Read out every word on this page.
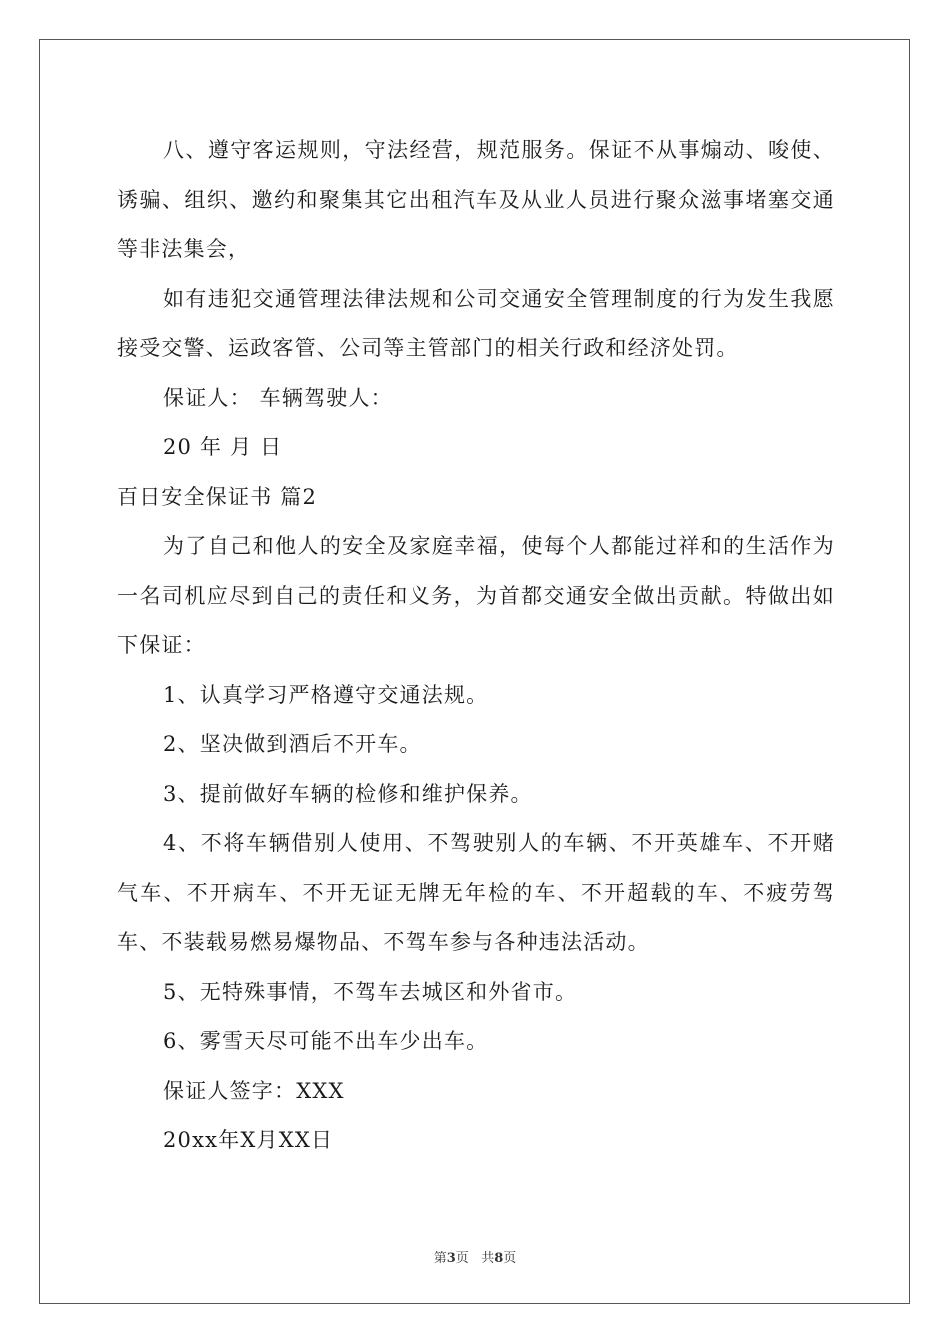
八、遵守客运规则，守法经营，规范服务。保证不从事煽动、唆使、诱骗、组织、邀约和聚集其它出租汽车及从业人员进行聚众滋事堵塞交通等非法集会，

如有违犯交通管理法律法规和公司交通安全管理制度的行为发生我愿接受交警、运政客管、公司等主管部门的相关行政和经济处罚。

保证人： 车辆驾驶人：

20 年 月 日

百日安全保证书 篇2

为了自己和他人的安全及家庭幸福，使每个人都能过祥和的生活作为一名司机应尽到自己的责任和义务，为首都交通安全做出贡献。特做出如下保证：

1、认真学习严格遵守交通法规。

2、坚决做到酒后不开车。

3、提前做好车辆的检修和维护保养。

4、不将车辆借别人使用、不驾驶别人的车辆、不开英雄车、不开赌气车、不开病车、不开无证无牌无年检的车、不开超载的车、不疲劳驾车、不装载易燃易爆物品、不驾车参与各种违法活动。

5、无特殊事情，不驾车去城区和外省市。

6、雾雪天尽可能不出车少出车。

保证人签字：XXX

20xx年X月XX日

第3页 共8页
